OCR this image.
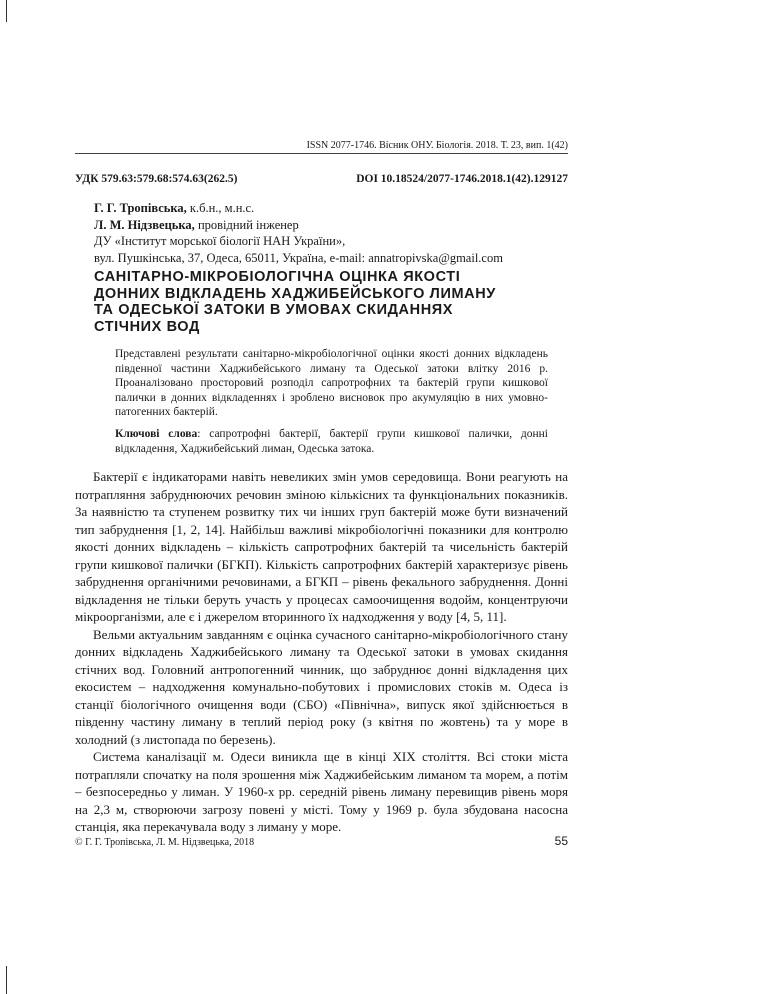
ISSN 2077-1746. Вісник ОНУ. Біологія. 2018. Т. 23, вип. 1(42)
УДК 579.63:579.68:574.63(262.5)	DOI 10.18524/2077-1746.2018.1(42).129127
Г. Г. Тропівська, к.б.н., м.н.с.
Л. М. Нідзвецька, провідний інженер
ДУ «Інститут морської біології НАН України»,
вул. Пушкінська, 37, Одеса, 65011, Україна, e-mail: annatropivska@gmail.com
САНІТАРНО-МІКРОБІОЛОГІЧНА ОЦІНКА ЯКОСТІ
ДОННИХ ВІДКЛАДЕНЬ ХАДЖИБЕЙСЬКОГО ЛИМАНУ
ТА ОДЕСЬКОЇ ЗАТОКИ В УМОВАХ СКИДАННЯХ
СТІЧНИХ ВОД
Представлені результати санітарно-мікробіологічної оцінки якості донних відкладень південної частини Хаджибейського лиману та Одеської затоки влітку 2016 р. Проаналізовано просторовий розподіл сапротрофних та бактерій групи кишкової палички в донних відкладеннях і зроблено висновок про акумуляцію в них умовно-патогенних бактерій.
Ключові слова: сапротрофні бактерії, бактерії групи кишкової палички, донні відкладення, Хаджибейський лиман, Одеська затока.

Бактерії є індикаторами навіть невеликих змін умов середовища. Вони реагують на потрапляння забруднюючих речовин зміною кількісних та функціональних показників. За наявністю та ступенем розвитку тих чи інших груп бактерій може бути визначений тип забруднення [1, 2, 14]. Найбільш важливі мікробіологічні показники для контролю якості донних відкладень – кількість сапротрофних бактерій та чисельність бактерій групи кишкової палички (БГКП). Кількість сапротрофних бактерій характеризує рівень забруднення органічними речовинами, а БГКП – рівень фекального забруднення. Донні відкладення не тільки беруть участь у процесах самоочищення водойм, концентруючи мікроорганізми, але є і джерелом вторинного їх надходження у воду [4, 5, 11].

Вельми актуальним завданням є оцінка сучасного санітарно-мікробіологічного стану донних відкладень Хаджибейського лиману та Одеської затоки в умовах скидання стічних вод. Головний антропогенний чинник, що забруднює донні відкладення цих екосистем – надходження комунально-побутових і промислових стоків м. Одеса із станції біологічного очищення води (СБО) «Північна», випуск якої здійснюється в південну частину лиману в теплий період року (з квітня по жовтень) та у море в холодний (з листопада по березень).

Система каналізації м. Одеси виникла ще в кінці XIX століття. Всі стоки міста потрапляли спочатку на поля зрошення між Хаджибейським лиманом та морем, а потім – безпосередньо у лиман. У 1960-х рр. середній рівень лиману перевищив рівень моря на 2,3 м, створюючи загрозу повені у місті. Тому у 1969 р. була збудована насосна станція, яка перекачувала воду з лиману у море.

© Г. Г. Тропівська, Л. М. Нідзвецька, 2018	55
